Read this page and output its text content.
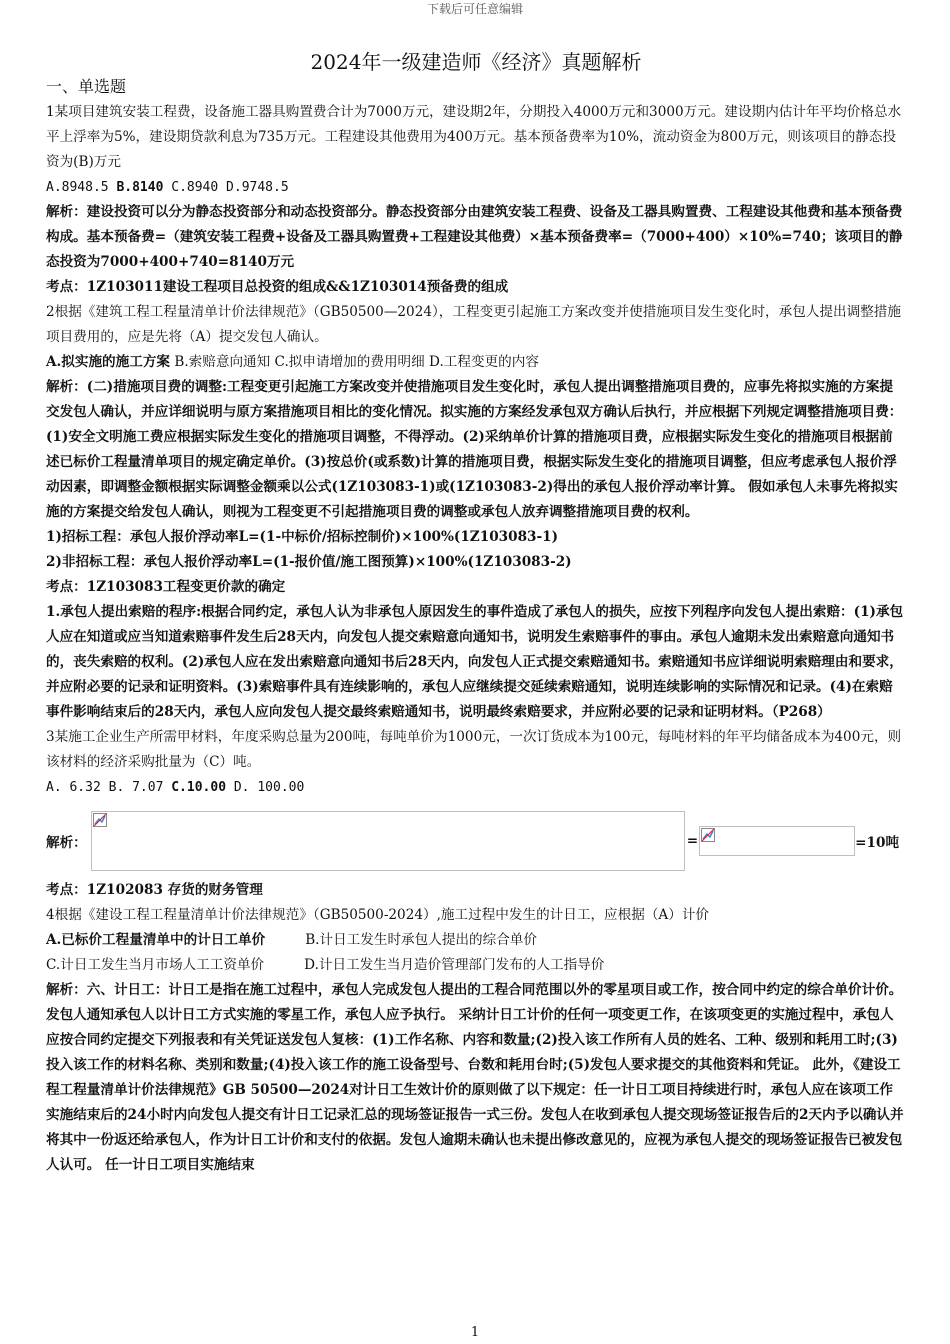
下载后可任意编辑
2024年一级建造师《经济》真题解析
一、单选题

1某项目建筑安装工程费，设备施工器具购置费合计为7000万元，建设期2年，分期投入4000万元和3000万元。建设期内估计年平均价格总水平上浮率为5%，建设期贷款利息为735万元。工程建设其他费用为400万元。基本预备费率为10%，流动资金为800万元，则该项目的静态投资为(B)万元

A.8948.5 B.8140 C.8940 D.9748.5

解析：建设投资可以分为静态投资部分和动态投资部分。静态投资部分由建筑安装工程费、设备及工器具购置费、工程建设其他费和基本预备费构成。基本预备费=（建筑安装工程费+设备及工器具购置费+工程建设其他费）×基本预备费率=（7000+400）×10%=740；该项目的静态投资为7000+400+740=8140万元

考点：1Z103011建设工程项目总投资的组成&&1Z103014预备费的组成

2根据《建筑工程工程量清单计价法律规范》（GB50500—2024），工程变更引起施工方案改变并使措施项目发生变化时，承包人提出调整措施项目费用的，应是先将（A）提交发包人确认。

A.拟实施的施工方案 B.索赔意向通知 C.拟申请增加的费用明细 D.工程变更的内容

解析：(二)措施项目费的调整:工程变更引起施工方案改变并使措施项目发生变化时，承包人提出调整措施项目费的，应事先将拟实施的方案提交发包人确认，并应详细说明与原方案措施项目相比的变化情况。拟实施的方案经发承包双方确认后执行，并应根据下列规定调整措施项目费：(1)安全文明施工费应根据实际发生变化的措施项目调整，不得浮动。(2)采纳单价计算的措施项目费，应根据实际发生变化的措施项目根据前述已标价工程量清单项目的规定确定单价。(3)按总价(或系数)计算的措施项目费，根据实际发生变化的措施项目调整，但应考虑承包人报价浮动因素，即调整金额根据实际调整金额乘以公式(1Z103083-1)或(1Z103083-2)得出的承包人报价浮动率计算。 假如承包人未事先将拟实施的方案提交给发包人确认，则视为工程变更不引起措施项目费的调整或承包人放弃调整措施项目费的权利。

1)招标工程：承包人报价浮动率L=(1-中标价/招标控制价)×100%(1Z103083-1)

2)非招标工程：承包人报价浮动率L=(1-报价值/施工图预算)×100%(1Z103083-2)

考点：1Z103083工程变更价款的确定

1.承包人提出索赔的程序:根据合同约定，承包人认为非承包人原因发生的事件造成了承包人的损失，应按下列程序向发包人提出索赔：(1)承包人应在知道或应当知道索赔事件发生后28天内，向发包人提交索赔意向通知书，说明发生索赔事件的事由。承包人逾期未发出索赔意向通知书的，丧失索赔的权利。(2)承包人应在发出索赔意向通知书后28天内，向发包人正式提交索赔通知书。索赔通知书应详细说明索赔理由和要求，并应附必要的记录和证明资料。(3)索赔事件具有连续影响的，承包人应继续提交延续索赔通知，说明连续影响的实际情况和记录。(4)在索赔事件影响结束后的28天内，承包人应向发包人提交最终索赔通知书，说明最终索赔要求，并应附必要的记录和证明材料。（P268）

3某施工企业生产所需甲材料，年度采购总量为200吨，每吨单价为1000元，一次订货成本为100元，每吨材料的年平均储备成本为400元，则该材料的经济采购批量为（C）吨。

A. 6.32 B. 7.07 C.10.00 D. 100.00

解析：	=	=10吨

考点：1Z102083 存货的财务管理

4根据《建设工程工程量清单计价法律规范》（GB50500-2024）,施工过程中发生的计日工，应根据（A）计价

A.已标价工程量清单中的计日工单价	B.计日工发生时承包人提出的综合单价

C.计日工发生当月市场人工工资单价	D.计日工发生当月造价管理部门发布的人工指导价

解析：六、计日工：计日工是指在施工过程中，承包人完成发包人提出的工程合同范围以外的零星项目或工作，按合同中约定的综合单价计价。发包人通知承包人以计日工方式实施的零星工作，承包人应予执行。 采纳计日工计价的任何一项变更工作，在该项变更的实施过程中，承包人应按合同约定提交下列报表和有关凭证送发包人复核：(1)工作名称、内容和数量;(2)投入该工作所有人员的姓名、工种、级别和耗用工时;(3)投入该工作的材料名称、类别和数量;(4)投入该工作的施工设备型号、台数和耗用台时;(5)发包人要求提交的其他资料和凭证。 此外，《建设工程工程量清单计价法律规范》GB 50500—2024对计日工生效计价的原则做了以下规定：任一计日工项目持续进行时，承包人应在该项工作实施结束后的24小时内向发包人提交有计日工记录汇总的现场签证报告一式三份。发包人在收到承包人提交现场签证报告后的2天内予以确认并将其中一份返还给承包人，作为计日工计价和支付的依据。发包人逾期未确认也未提出修改意见的，应视为承包人提交的现场签证报告已被发包人认可。 任一计日工项目实施结束

1
